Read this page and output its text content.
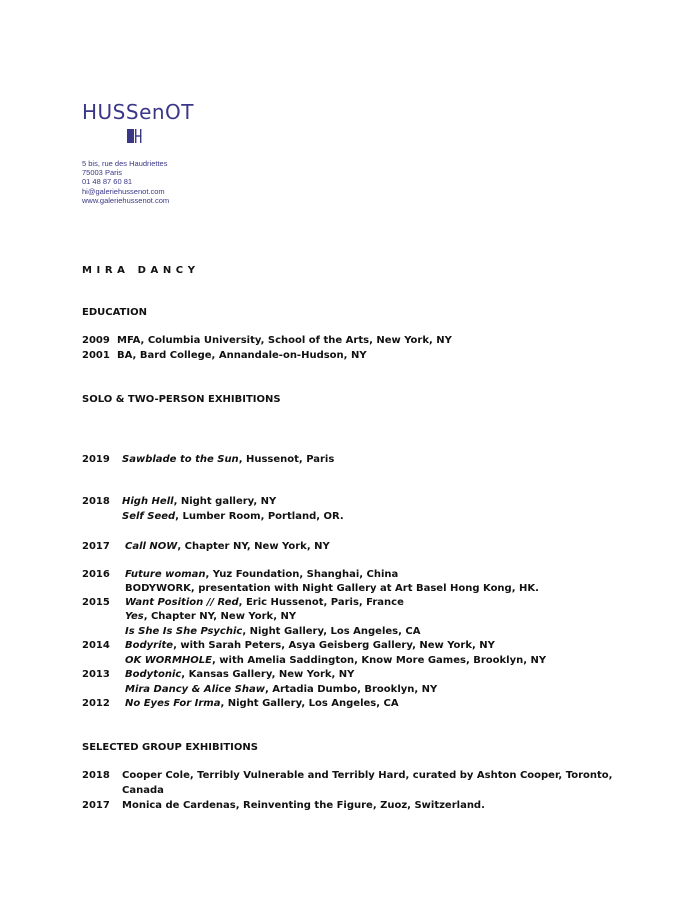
HUSSenOT
5 bis, rue des Haudriettes
75003 Paris
01 48 87 60 81
hi@galeriehussenot.com
www.galeriehussenot.com
MIRA DANCY
EDUCATION
2009 MFA, Columbia University, School of the Arts, New York, NY
2001 BA, Bard College, Annandale-on-Hudson, NY
SOLO & TWO-PERSON EXHIBITIONS
2019 Sawblade to the Sun, Hussenot, Paris
2018 High Hell, Night gallery, NY
Self Seed, Lumber Room, Portland, OR.
2017 Call NOW, Chapter NY, New York, NY
2016 Future woman, Yuz Foundation, Shanghai, China
BODYWORK, presentation with Night Gallery at Art Basel Hong Kong, HK.
2015 Want Position // Red, Eric Hussenot, Paris, France
Yes, Chapter NY, New York, NY
Is She Is She Psychic, Night Gallery, Los Angeles, CA
2014 Bodyrite, with Sarah Peters, Asya Geisberg Gallery, New York, NY
OK WORMHOLE, with Amelia Saddington, Know More Games, Brooklyn, NY
2013 Bodytonic, Kansas Gallery, New York, NY
Mira Dancy & Alice Shaw, Artadia Dumbo, Brooklyn, NY
2012 No Eyes For Irma, Night Gallery, Los Angeles, CA
SELECTED GROUP EXHIBITIONS
2018 Cooper Cole, Terribly Vulnerable and Terribly Hard, curated by Ashton Cooper, Toronto,
Canada
2017 Monica de Cardenas, Reinventing the Figure, Zuoz, Switzerland.
